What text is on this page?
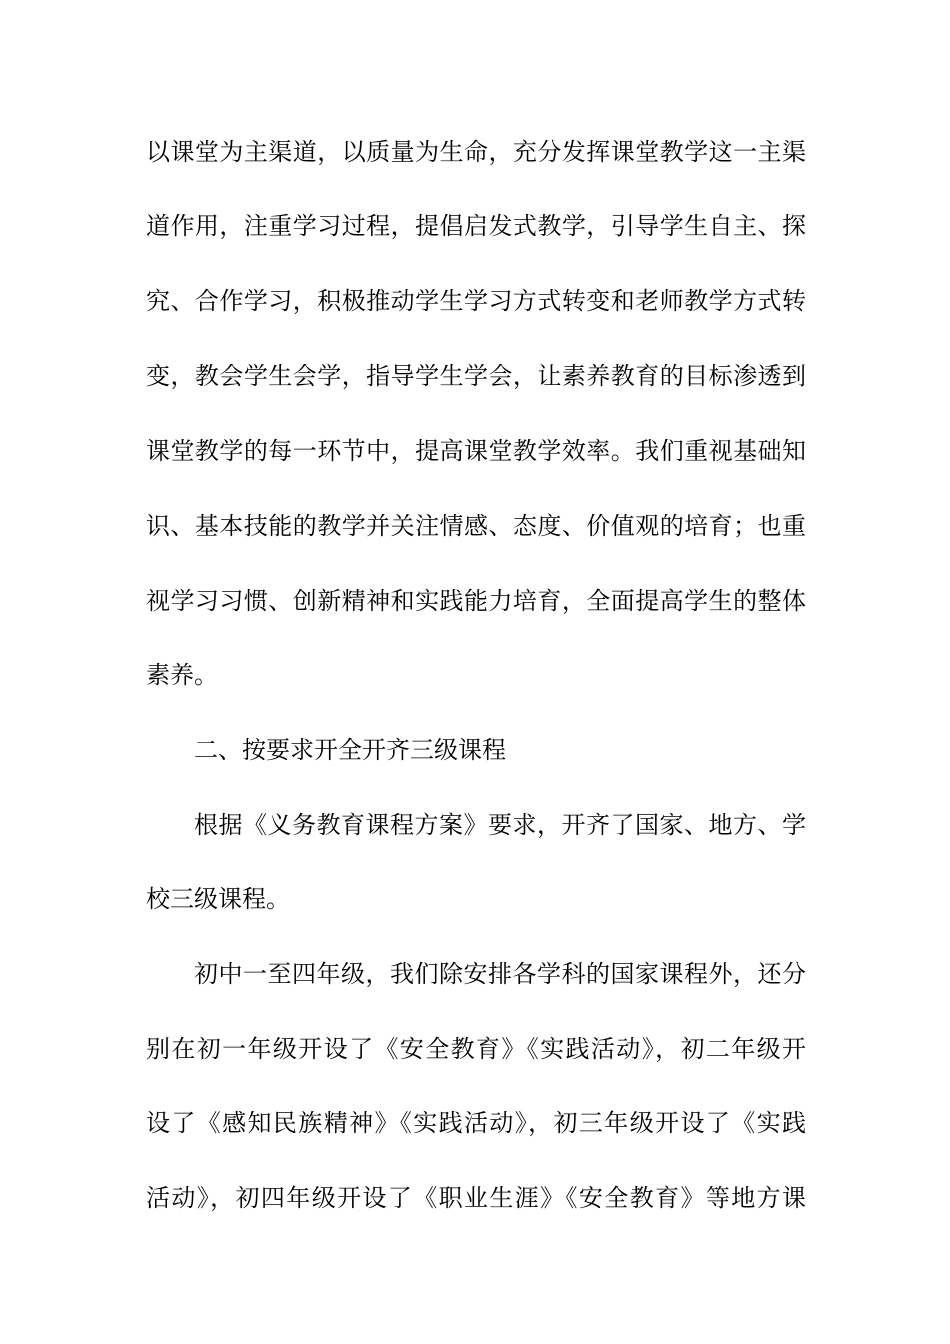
以课堂为主渠道，以质量为生命，充分发挥课堂教学这一主渠
道作用，注重学习过程，提倡启发式教学，引导学生自主、探
究、合作学习，积极推动学生学习方式转变和老师教学方式转
变，教会学生会学，指导学生学会，让素养教育的目标渗透到
课堂教学的每一环节中，提高课堂教学效率。我们重视基础知
识、基本技能的教学并关注情感、态度、价值观的培育；也重
视学习习惯、创新精神和实践能力培育，全面提高学生的整体
素养。
二、按要求开全开齐三级课程
根据《义务教育课程方案》要求，开齐了国家、地方、学
校三级课程。
初中一至四年级，我们除安排各学科的国家课程外，还分
别在初一年级开设了《安全教育》《实践活动》，初二年级开
设了《感知民族精神》《实践活动》，初三年级开设了《实践
活动》，初四年级开设了《职业生涯》《安全教育》等地方课
